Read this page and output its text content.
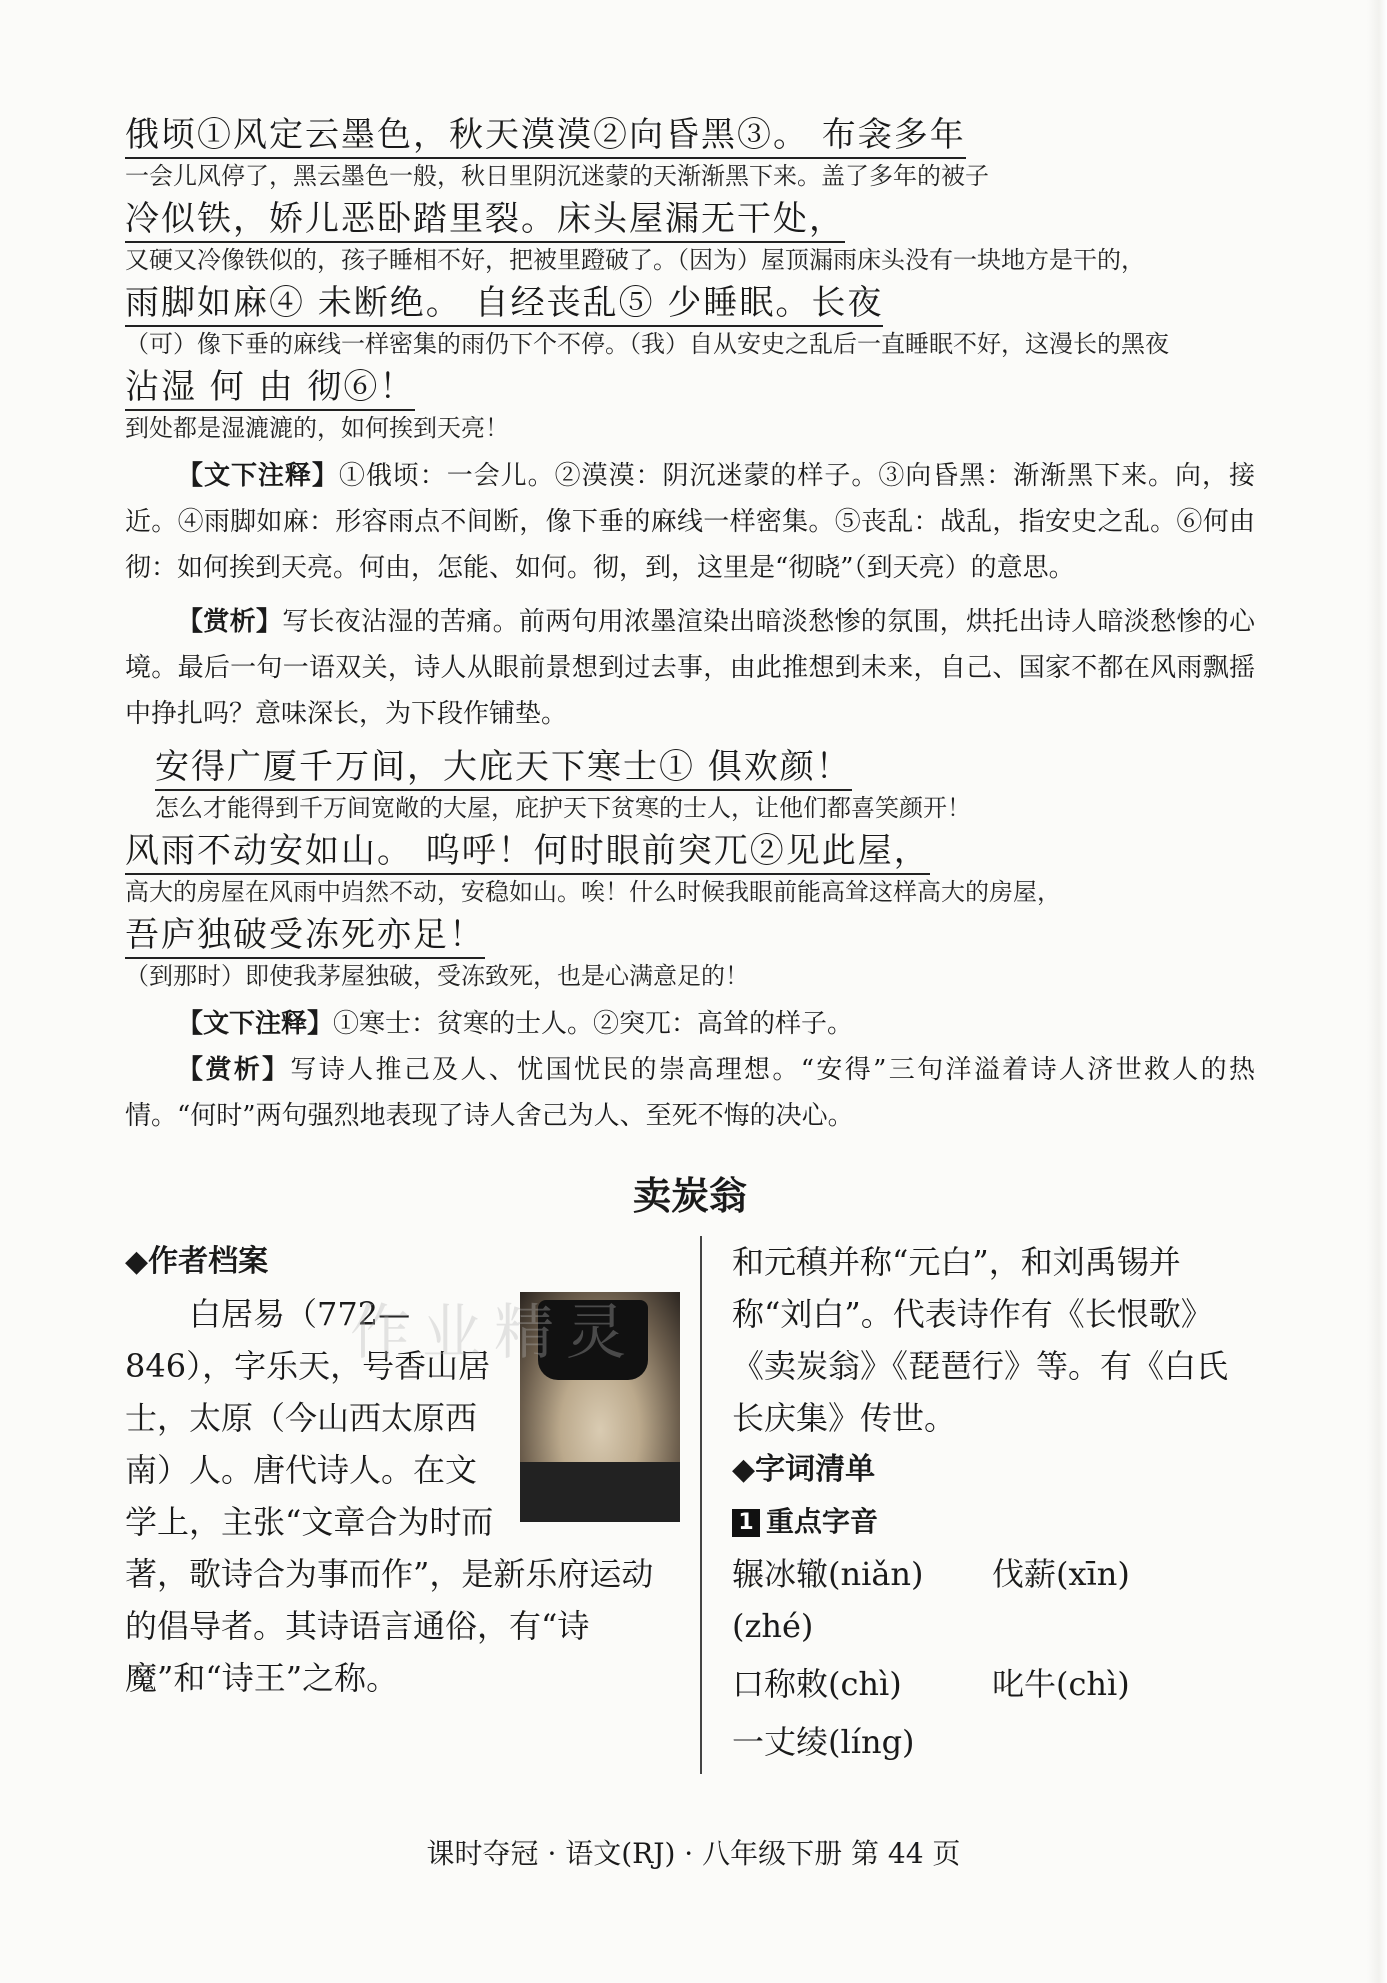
俄顷①风定云墨色，秋天漠漠②向昏黑③。 布衾多年
一会儿风停了，黑云墨色一般，秋日里阴沉迷蒙的天渐渐黑下来。盖了多年的被子
冷似铁，娇儿恶卧踏里裂。床头屋漏无干处，
又硬又冷像铁似的，孩子睡相不好，把被里蹬破了。（因为）屋顶漏雨床头没有一块地方是干的，
雨脚如麻④ 未断绝。 自经丧乱⑤ 少睡眠。长夜
（可）像下垂的麻线一样密集的雨仍下个不停。（我）自从安史之乱后一直睡眠不好，这漫长的黑夜
沾湿 何 由 彻⑥！
到处都是湿漉漉的，如何挨到天亮！

【文下注释】①俄顷：一会儿。②漠漠：阴沉迷蒙的样子。③向昏黑：渐渐黑下来。向，接近。④雨脚如麻：形容雨点不间断，像下垂的麻线一样密集。⑤丧乱：战乱，指安史之乱。⑥何由彻：如何挨到天亮。何由，怎能、如何。彻，到，这里是“彻晓”（到天亮）的意思。

【赏析】写长夜沾湿的苦痛。前两句用浓墨渲染出暗淡愁惨的氛围，烘托出诗人暗淡愁惨的心境。最后一句一语双关，诗人从眼前景想到过去事，由此推想到未来，自己、国家不都在风雨飘摇中挣扎吗？意味深长，为下段作铺垫。

安得广厦千万间，大庇天下寒士① 俱欢颜！
怎么才能得到千万间宽敞的大屋，庇护天下贫寒的士人，让他们都喜笑颜开！
风雨不动安如山。 呜呼！何时眼前突兀②见此屋，
高大的房屋在风雨中岿然不动，安稳如山。唉！什么时候我眼前能高耸这样高大的房屋，
吾庐独破受冻死亦足！
（到那时）即使我茅屋独破，受冻致死，也是心满意足的！

【文下注释】①寒士：贫寒的士人。②突兀：高耸的样子。

【赏析】写诗人推己及人、忧国忧民的崇高理想。“安得”三句洋溢着诗人济世救人的热情。“何时”两句强烈地表现了诗人舍己为人、至死不悔的决心。

卖炭翁
◆作者档案
白居易（772—846），字乐天，号香山居士，太原（今山西太原西南）人。唐代诗人。在文学上，主张“文章合为时而著，歌诗合为事而作”，是新乐府运动的倡导者。其诗语言通俗，有“诗魔”和“诗王”之称。
和元稹并称“元白”，和刘禹锡并称“刘白”。代表诗作有《长恨歌》《卖炭翁》《琵琶行》等。有《白氏长庆集》传世。
◆字词清单
1 重点字音
辗冰辙(niǎn)(zhé)
伐薪(xīn)
口称敕(chì)	叱牛(chì)
一丈绫(líng)
作业精灵
课时夺冠 · 语文(RJ) · 八年级下册 第 44 页
